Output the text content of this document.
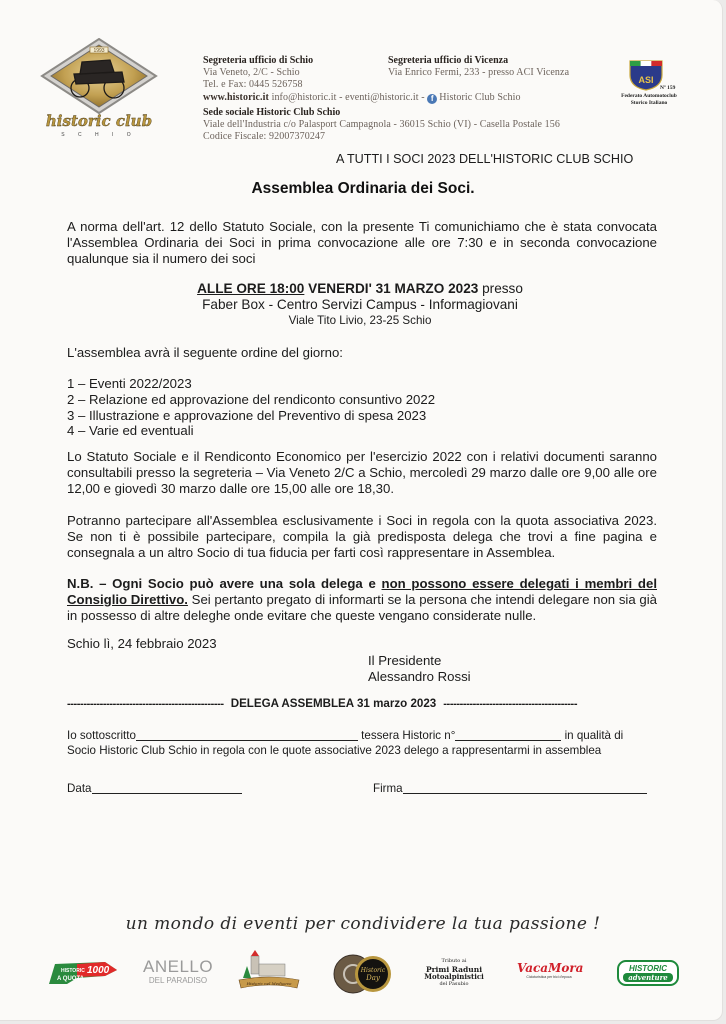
1993
historic club
S C H I O
Segreteria ufficio di Schio
Via Veneto, 2/C - Schio
Tel. e Fax: 0445 526758
Segreteria ufficio di Vicenza
Via Enrico Fermi, 233 - presso ACI Vicenza
www.historic.it info@historic.it - eventi@historic.it - f Historic Club Schio
Sede sociale Historic Club Schio
Viale dell'Industria c/o Palasport Campagnola - 36015 Schio (VI) - Casella Postale 156
Codice Fiscale: 92007370247
ASI
Nº 159
Federato Automotoclub
Storico Italiano
A TUTTI I SOCI 2023 DELL'HISTORIC CLUB SCHIO
Assemblea Ordinaria dei Soci.
A norma dell'art. 12 dello Statuto Sociale, con la presente Ti comunichiamo che è stata convocata l'Assemblea Ordinaria dei Soci in prima convocazione alle ore 7:30 e in seconda convocazione qualunque sia il numero dei soci
ALLE ORE 18:00 VENERDI' 31 MARZO 2023 presso
Faber Box - Centro Servizi Campus - Informagiovani
Viale Tito Livio, 23-25 Schio
L'assemblea avrà il seguente ordine del giorno:
1 – Eventi 2022/2023
2 – Relazione ed approvazione del rendiconto consuntivo 2022
3 – Illustrazione e approvazione del Preventivo di spesa 2023
4 – Varie ed eventuali
Lo Statuto Sociale e il Rendiconto Economico per l'esercizio 2022 con i relativi documenti saranno consultabili presso la segreteria – Via Veneto 2/C a Schio, mercoledì 29 marzo dalle ore 9,00 alle ore 12,00 e giovedì 30 marzo dalle ore 15,00 alle ore 18,30.
Potranno partecipare all'Assemblea esclusivamente i Soci in regola con la quota associativa 2023. Se non ti è possibile partecipare, compila la già predisposta delega che trovi a fine pagina e consegnala a un altro Socio di tua fiducia per farti così rappresentare in Assemblea.
N.B. – Ogni Socio può avere una sola delega e non possono essere delegati i membri del Consiglio Direttivo. Sei pertanto pregato di informarti se la persona che intendi delegare non sia già in possesso di altre deleghe onde evitare che queste vengano considerate nulle.
Schio lì, 24 febbraio 2023
Il Presidente
Alessandro Rossi
------------------------------------------------ DELEGA ASSEMBLEA 31 marzo 2023 -----------------------------------------
Io sottoscritto	tessera Historic n°	in qualità di
Socio Historic Club Schio in regola con le quote associative 2023 delego a rappresentarmi in assemblea
Data	Firma
un mondo di eventi per condividere la tua passione !
HISTORIC
A QUOTA
1000 ANELLO
DEL PARADISO	Historic nel Medioevo
Historic
Day
Tributo ai
Primi Raduni
Motoalpinistici
del Pasubio
VacaMora
Cicloturistica per bici d'epoca
HISTORIC
adventure
